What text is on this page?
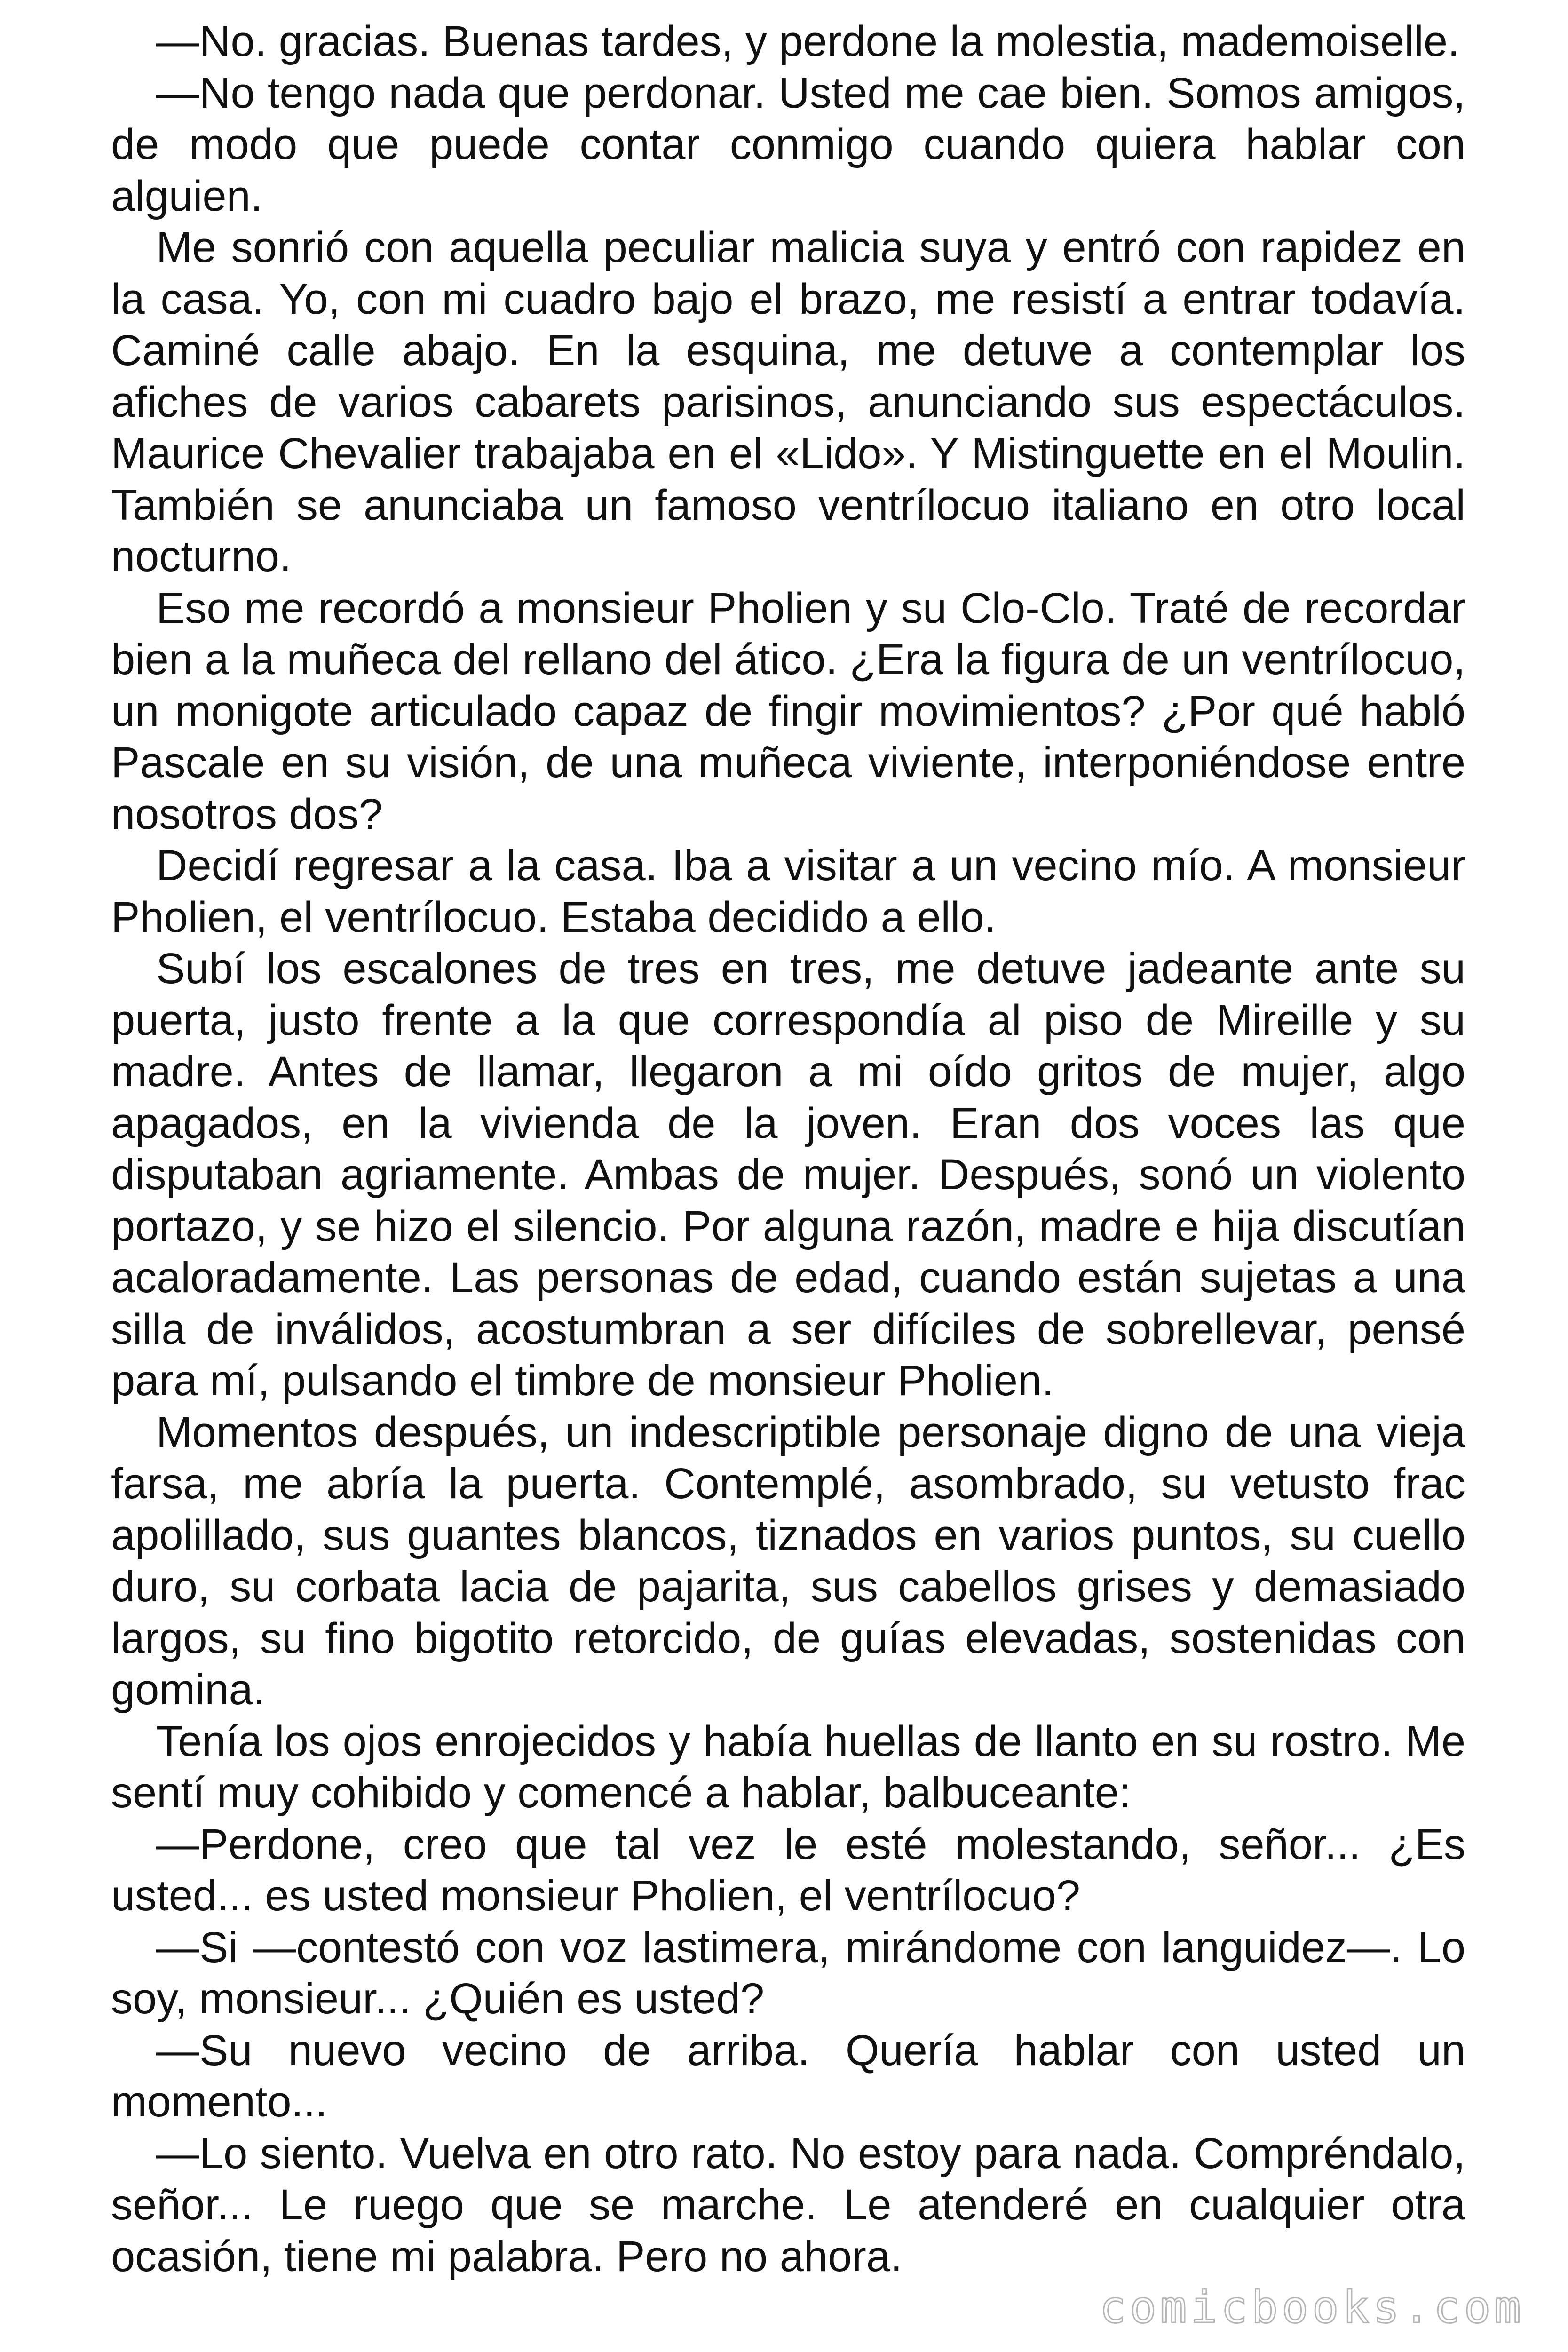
—No. gracias. Buenas tardes, y perdone la molestia, mademoiselle.

—No tengo nada que perdonar. Usted me cae bien. Somos amigos, de modo que puede contar conmigo cuando quiera hablar con alguien.

Me sonrió con aquella peculiar malicia suya y entró con rapidez en la casa. Yo, con mi cuadro bajo el brazo, me resistí a entrar todavía. Caminé calle abajo. En la esquina, me detuve a contemplar los afiches de varios cabarets parisinos, anunciando sus espectáculos. Maurice Chevalier trabajaba en el «Lido». Y Mistinguette en el Moulin. También se anunciaba un famoso ventrílocuo italiano en otro local nocturno.

Eso me recordó a monsieur Pholien y su Clo-Clo. Traté de recordar bien a la muñeca del rellano del ático. ¿Era la figura de un ventrílocuo, un monigote articulado capaz de fingir movimientos? ¿Por qué habló Pascale en su visión, de una muñeca viviente, interponiéndose entre nosotros dos?

Decidí regresar a la casa. Iba a visitar a un vecino mío. A monsieur Pholien, el ventrílocuo. Estaba decidido a ello.

Subí los escalones de tres en tres, me detuve jadeante ante su puerta, justo frente a la que correspondía al piso de Mireille y su madre. Antes de llamar, llegaron a mi oído gritos de mujer, algo apagados, en la vivienda de la joven. Eran dos voces las que disputaban agriamente. Ambas de mujer. Después, sonó un violento portazo, y se hizo el silencio. Por alguna razón, madre e hija discutían acaloradamente. Las personas de edad, cuando están sujetas a una silla de inválidos, acostumbran a ser difíciles de sobrellevar, pensé para mí, pulsando el timbre de monsieur Pholien.

Momentos después, un indescriptible personaje digno de una vieja farsa, me abría la puerta. Contemplé, asombrado, su vetusto frac apolillado, sus guantes blancos, tiznados en varios puntos, su cuello duro, su corbata lacia de pajarita, sus cabellos grises y demasiado largos, su fino bigotito retorcido, de guías elevadas, sostenidas con gomina.

Tenía los ojos enrojecidos y había huellas de llanto en su rostro. Me sentí muy cohibido y comencé a hablar, balbuceante:

—Perdone, creo que tal vez le esté molestando, señor... ¿Es usted... es usted monsieur Pholien, el ventrílocuo?

—Si —contestó con voz lastimera, mirándome con languidez—. Lo soy, monsieur... ¿Quién es usted?

—Su nuevo vecino de arriba. Quería hablar con usted un momento...

—Lo siento. Vuelva en otro rato. No estoy para nada. Compréndalo, señor... Le ruego que se marche. Le atenderé en cualquier otra ocasión, tiene mi palabra. Pero no ahora.

comicbooks.com
